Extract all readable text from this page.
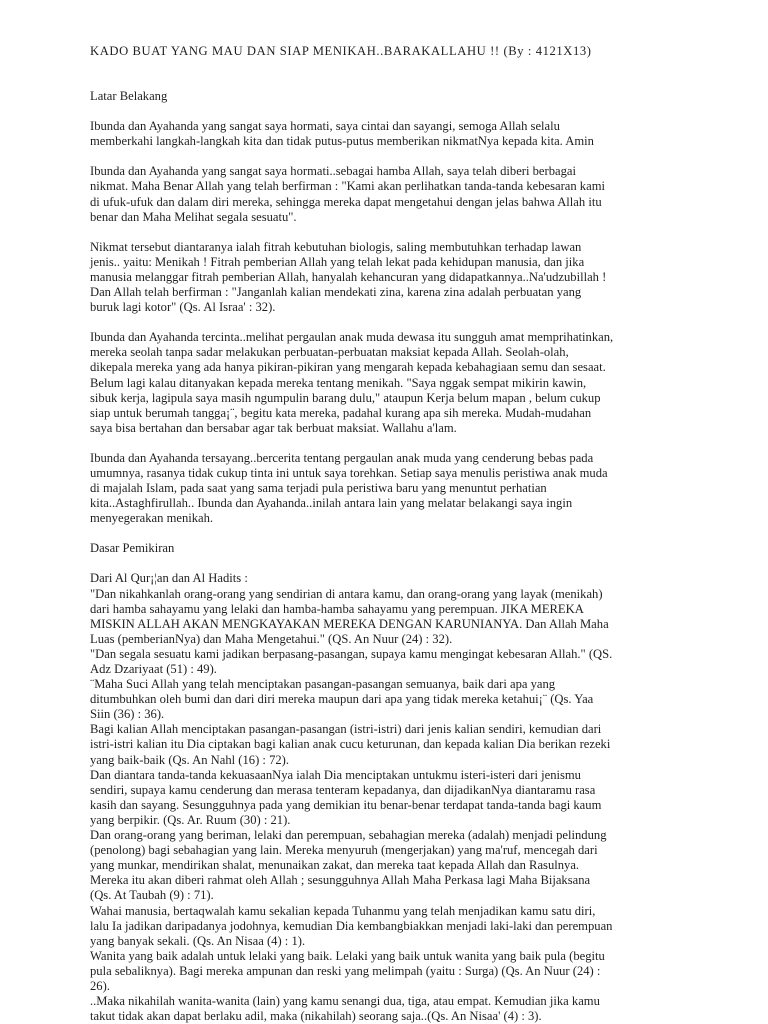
KADO BUAT YANG MAU DAN SIAP MENIKAH..BARAKALLAHU !! (By : 4121X13)

Latar Belakang

Ibunda dan Ayahanda yang sangat saya hormati, saya cintai dan sayangi, semoga Allah selalu
memberkahi langkah-langkah kita dan tidak putus-putus memberikan nikmatNya kepada kita. Amin

Ibunda dan Ayahanda yang sangat saya hormati..sebagai hamba Allah, saya telah diberi berbagai
nikmat. Maha Benar Allah yang telah berfirman : "Kami akan perlihatkan tanda-tanda kebesaran kami
di ufuk-ufuk dan dalam diri mereka, sehingga mereka dapat mengetahui dengan jelas bahwa Allah itu
benar dan Maha Melihat segala sesuatu".

Nikmat tersebut diantaranya ialah fitrah kebutuhan biologis, saling membutuhkan terhadap lawan
jenis.. yaitu: Menikah ! Fitrah pemberian Allah yang telah lekat pada kehidupan manusia, dan jika
manusia melanggar fitrah pemberian Allah, hanyalah kehancuran yang didapatkannya..Na'udzubillah !
Dan Allah telah berfirman : "Janganlah kalian mendekati zina, karena zina adalah perbuatan yang
buruk lagi kotor" (Qs. Al Israa' : 32).

Ibunda dan Ayahanda tercinta..melihat pergaulan anak muda dewasa itu sungguh amat memprihatinkan,
mereka seolah tanpa sadar melakukan perbuatan-perbuatan maksiat kepada Allah. Seolah-olah,
dikepala mereka yang ada hanya pikiran-pikiran yang mengarah kepada kebahagiaan semu dan sesaat.
Belum lagi kalau ditanyakan kepada mereka tentang menikah. "Saya nggak sempat mikirin kawin,
sibuk kerja, lagipula saya masih ngumpulin barang dulu," ataupun Kerja belum mapan , belum cukup
siap untuk berumah tangga¡¨, begitu kata mereka, padahal kurang apa sih mereka. Mudah-mudahan
saya bisa bertahan dan bersabar agar tak berbuat maksiat. Wallahu a'lam.

Ibunda dan Ayahanda tersayang..bercerita tentang pergaulan anak muda yang cenderung bebas pada
umumnya, rasanya tidak cukup tinta ini untuk saya torehkan. Setiap saya menulis peristiwa anak muda
di majalah Islam, pada saat yang sama terjadi pula peristiwa baru yang menuntut perhatian
kita..Astaghfirullah.. Ibunda dan Ayahanda..inilah antara lain yang melatar belakangi saya ingin
menyegerakan menikah.

Dasar Pemikiran

Dari Al Qur¡¦an dan Al Hadits :
"Dan nikahkanlah orang-orang yang sendirian di antara kamu, dan orang-orang yang layak (menikah)
dari hamba sahayamu yang lelaki dan hamba-hamba sahayamu yang perempuan. JIKA MEREKA
MISKIN ALLAH AKAN MENGKAYAKAN MEREKA DENGAN KARUNIANYA. Dan Allah Maha
Luas (pemberianNya) dan Maha Mengetahui." (QS. An Nuur (24) : 32).
"Dan segala sesuatu kami jadikan berpasang-pasangan, supaya kamu mengingat kebesaran Allah." (QS.
Adz Dzariyaat (51) : 49).
¨Maha Suci Allah yang telah menciptakan pasangan-pasangan semuanya, baik dari apa yang
ditumbuhkan oleh bumi dan dari diri mereka maupun dari apa yang tidak mereka ketahui¡¨ (Qs. Yaa
Siin (36) : 36).
Bagi kalian Allah menciptakan pasangan-pasangan (istri-istri) dari jenis kalian sendiri, kemudian dari
istri-istri kalian itu Dia ciptakan bagi kalian anak cucu keturunan, dan kepada kalian Dia berikan rezeki
yang baik-baik (Qs. An Nahl (16) : 72).
Dan diantara tanda-tanda kekuasaanNya ialah Dia menciptakan untukmu isteri-isteri dari jenismu
sendiri, supaya kamu cenderung dan merasa tenteram kepadanya, dan dijadikanNya diantaramu rasa
kasih dan sayang. Sesungguhnya pada yang demikian itu benar-benar terdapat tanda-tanda bagi kaum
yang berpikir. (Qs. Ar. Ruum (30) : 21).
Dan orang-orang yang beriman, lelaki dan perempuan, sebahagian mereka (adalah) menjadi pelindung
(penolong) bagi sebahagian yang lain. Mereka menyuruh (mengerjakan) yang ma'ruf, mencegah dari
yang munkar, mendirikan shalat, menunaikan zakat, dan mereka taat kepada Allah dan Rasulnya.
Mereka itu akan diberi rahmat oleh Allah ; sesungguhnya Allah Maha Perkasa lagi Maha Bijaksana
(Qs. At Taubah (9) : 71).
Wahai manusia, bertaqwalah kamu sekalian kepada Tuhanmu yang telah menjadikan kamu satu diri,
lalu Ia jadikan daripadanya jodohnya, kemudian Dia kembangbiakkan menjadi laki-laki dan perempuan
yang banyak sekali. (Qs. An Nisaa (4) : 1).
Wanita yang baik adalah untuk lelaki yang baik. Lelaki yang baik untuk wanita yang baik pula (begitu
pula sebaliknya). Bagi mereka ampunan dan reski yang melimpah (yaitu : Surga) (Qs. An Nuur (24) :
26).
..Maka nikahilah wanita-wanita (lain) yang kamu senangi dua, tiga, atau empat. Kemudian jika kamu
takut tidak akan dapat berlaku adil, maka (nikahilah) seorang saja..(Qs. An Nisaa' (4) : 3).
